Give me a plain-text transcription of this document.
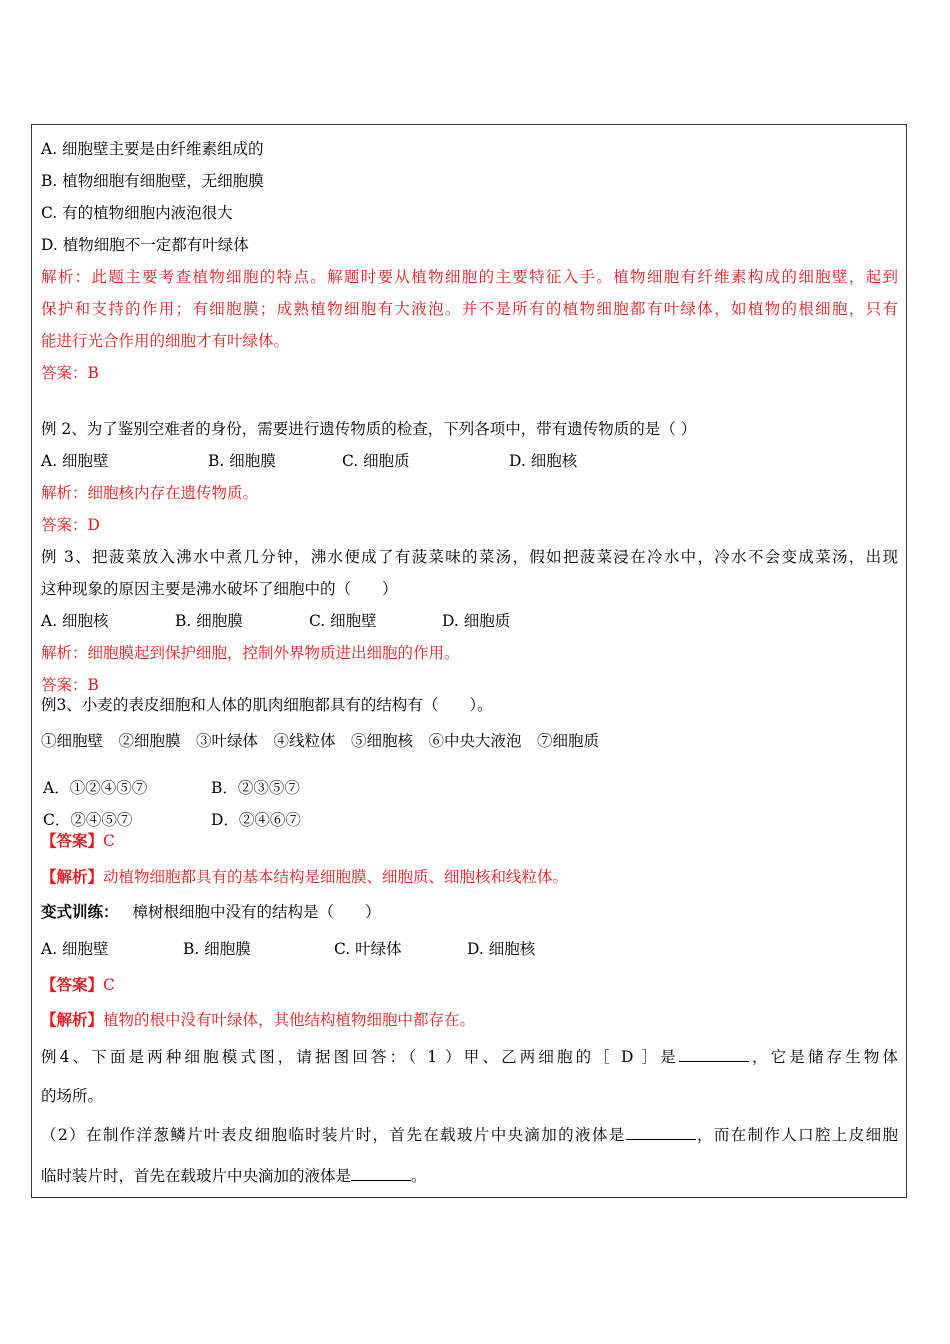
A. 细胞壁主要是由纤维素组成的
B. 植物细胞有细胞壁，无细胞膜
C. 有的植物细胞内液泡很大
D. 植物细胞不一定都有叶绿体
解析：此题主要考查植物细胞的特点。解题时要从植物细胞的主要特征入手。植物细胞有纤维素构成的细胞壁，起到
保护和支持的作用；有细胞膜；成熟植物细胞有大液泡。并不是所有的植物细胞都有叶绿体，如植物的根细胞，只有
能进行光合作用的细胞才有叶绿体。
答案：B
例 2、为了鉴别空难者的身份，需要进行遗传物质的检查，下列各项中，带有遗传物质的是（ ）
A. 细胞壁	B. 细胞膜	C. 细胞质	D. 细胞核
解析：细胞核内存在遗传物质。
答案：D
例 3、把菠菜放入沸水中煮几分钟，沸水便成了有菠菜味的菜汤，假如把菠菜浸在冷水中，冷水不会变成菜汤，出现
这种现象的原因主要是沸水破坏了细胞中的（　　）
A. 细胞核	B. 细胞膜	C. 细胞壁	D. 细胞质
解析：细胞膜起到保护细胞，控制外界物质进出细胞的作用。
答案：B
例3、小麦的表皮细胞和人体的肌肉细胞都具有的结构有（　　）。
①细胞壁　②细胞膜　③叶绿体　④线粒体　⑤细胞核　⑥中央大液泡　⑦细胞质
A．①②④⑤⑦	B．②③⑤⑦
C．②④⑤⑦	D．②④⑥⑦
【答案】C
【解析】动植物细胞都具有的基本结构是细胞膜、细胞质、细胞核和线粒体。
变式训练： 樟树根细胞中没有的结构是（　　）
A. 细胞壁	B. 细胞膜	C. 叶绿体	D. 细胞核
【答案】C
【解析】植物的根中没有叶绿体，其他结构植物细胞中都存在。
例4、下面是两种细胞模式图，请据图回答：（ 1 ）甲、乙两细胞的［ D ］是	，它是储存生物体
的场所。
（2）在制作洋葱鳞片叶表皮细胞临时装片时，首先在载玻片中央滴加的液体是	，而在制作人口腔上皮细胞
临时装片时，首先在载玻片中央滴加的液体是	。
